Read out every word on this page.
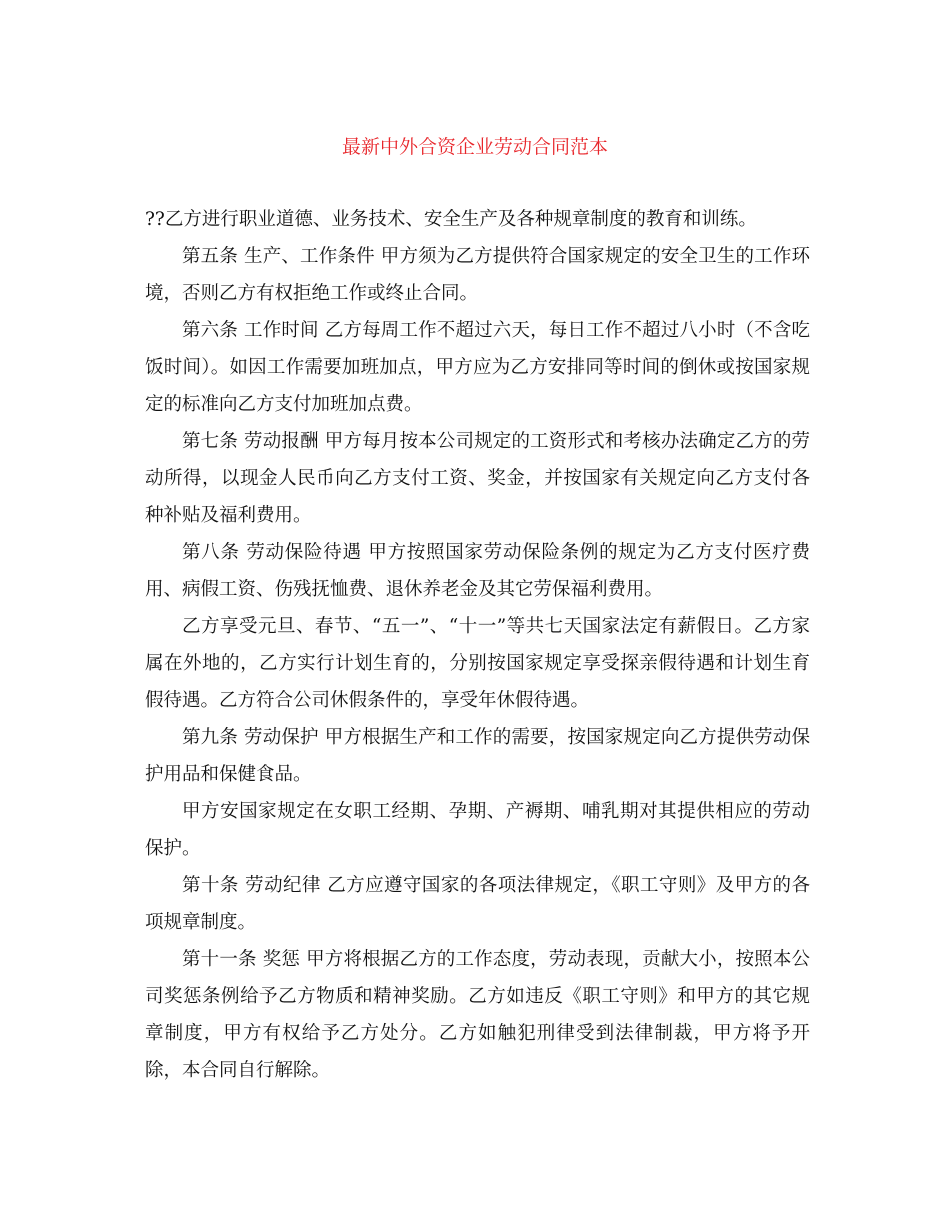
最新中外合资企业劳动合同范本

??乙方进行职业道德、业务技术、安全生产及各种规章制度的教育和训练。

第五条 生产、工作条件 甲方须为乙方提供符合国家规定的安全卫生的工作环境，否则乙方有权拒绝工作或终止合同。

第六条 工作时间 乙方每周工作不超过六天，每日工作不超过八小时（不含吃饭时间）。如因工作需要加班加点，甲方应为乙方安排同等时间的倒休或按国家规定的标准向乙方支付加班加点费。

第七条 劳动报酬 甲方每月按本公司规定的工资形式和考核办法确定乙方的劳动所得，以现金人民币向乙方支付工资、奖金，并按国家有关规定向乙方支付各种补贴及福利费用。

第八条 劳动保险待遇 甲方按照国家劳动保险条例的规定为乙方支付医疗费用、病假工资、伤残抚恤费、退休养老金及其它劳保福利费用。

乙方享受元旦、春节、“五一”、“十一”等共七天国家法定有薪假日。乙方家属在外地的，乙方实行计划生育的，分别按国家规定享受探亲假待遇和计划生育假待遇。乙方符合公司休假条件的，享受年休假待遇。

第九条 劳动保护 甲方根据生产和工作的需要，按国家规定向乙方提供劳动保护用品和保健食品。

甲方安国家规定在女职工经期、孕期、产褥期、哺乳期对其提供相应的劳动保护。

第十条 劳动纪律 乙方应遵守国家的各项法律规定，《职工守则》及甲方的各项规章制度。

第十一条 奖惩 甲方将根据乙方的工作态度，劳动表现，贡献大小，按照本公司奖惩条例给予乙方物质和精神奖励。乙方如违反《职工守则》和甲方的其它规章制度，甲方有权给予乙方处分。乙方如触犯刑律受到法律制裁，甲方将予开除，本合同自行解除。
